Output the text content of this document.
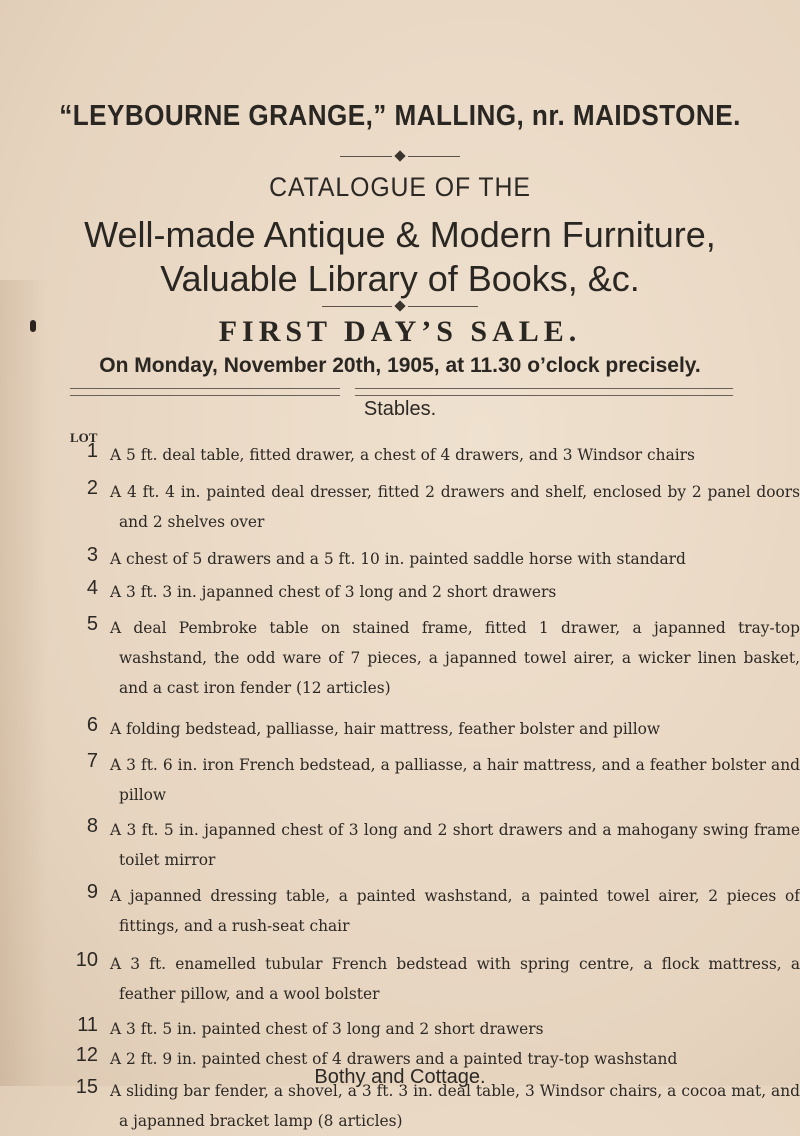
“LEYBOURNE GRANGE,” MALLING, nr. MAIDSTONE.
CATALOGUE OF THE
Well-made Antique & Modern Furniture,
Valuable Library of Books, &c.
FIRST DAY’S SALE.
On Monday, November 20th, 1905, at 11.30 o’clock precisely.
Stables.
LOT
1 A 5 ft. deal table, fitted drawer, a chest of 4 drawers, and 3 Windsor chairs
2 A 4 ft. 4 in. painted deal dresser, fitted 2 drawers and shelf, enclosed by 2 panel doors and 2 shelves over
3 A chest of 5 drawers and a 5 ft. 10 in. painted saddle horse with standard
4 A 3 ft. 3 in. japanned chest of 3 long and 2 short drawers
5 A deal Pembroke table on stained frame, fitted 1 drawer, a japanned tray-top washstand, the odd ware of 7 pieces, a japanned towel airer, a wicker linen basket, and a cast iron fender (12 articles)
6 A folding bedstead, palliasse, hair mattress, feather bolster and pillow
7 A 3 ft. 6 in. iron French bedstead, a palliasse, a hair mattress, and a feather bolster and pillow
8 A 3 ft. 5 in. japanned chest of 3 long and 2 short drawers and a mahogany swing frame toilet mirror
9 A japanned dressing table, a painted washstand, a painted towel airer, 2 pieces of fittings, and a rush-seat chair
10 A 3 ft. enamelled tubular French bedstead with spring centre, a flock mattress, a feather pillow, and a wool bolster
11 A 3 ft. 5 in. painted chest of 3 long and 2 short drawers
12 A 2 ft. 9 in. painted chest of 4 drawers and a painted tray-top washstand
Bothy and Cottage.
15 A sliding bar fender, a shovel, a 3 ft. 3 in. deal table, 3 Windsor chairs, a cocoa mat, and a japanned bracket lamp (8 articles)
